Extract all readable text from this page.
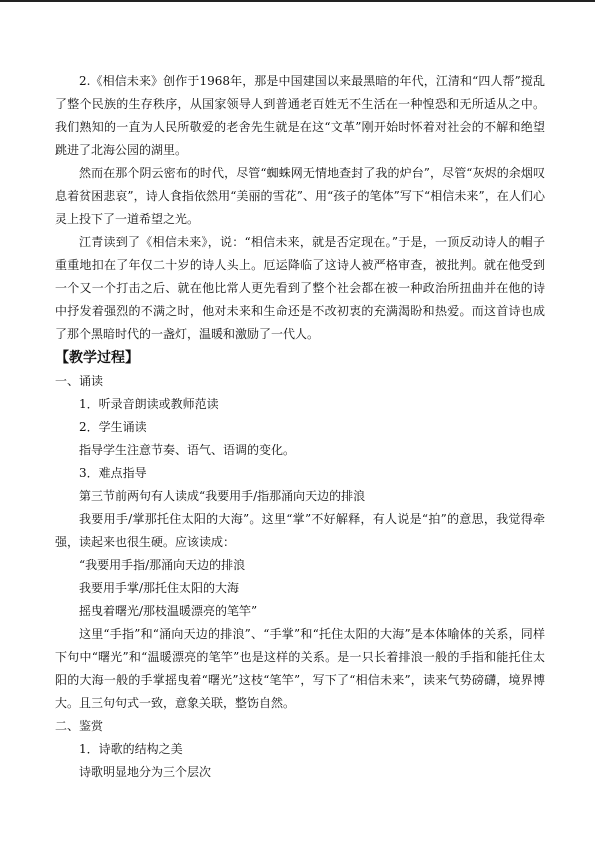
2.《相信未来》创作于1968年，那是中国建国以来最黑暗的年代，江清和“四人帮”搅乱了整个民族的生存秩序，从国家领导人到普通老百姓无不生活在一种惶恐和无所适从之中。我们熟知的一直为人民所敬爱的老舍先生就是在这“文革”刚开始时怀着对社会的不解和绝望跳进了北海公园的湖里。

然而在那个阴云密布的时代，尽管“蜘蛛网无情地查封了我的炉台”，尽管“灰烬的余烟叹息着贫困悲哀”，诗人食指依然用“美丽的雪花”、用“孩子的笔体”写下“相信未来”，在人们心灵上投下了一道希望之光。

江青读到了《相信未来》，说：“相信未来，就是否定现在。”于是，一顶反动诗人的帽子重重地扣在了年仅二十岁的诗人头上。厄运降临了这诗人被严格审查，被批判。就在他受到一个又一个打击之后、就在他比常人更先看到了整个社会都在被一种政治所扭曲并在他的诗中抒发着强烈的不满之时，他对未来和生命还是不改初衷的充满渴盼和热爱。而这首诗也成了那个黑暗时代的一盏灯，温暖和激励了一代人。

【教学过程】

一、诵读

1．听录音朗读或教师范读

2．学生诵读

指导学生注意节奏、语气、语调的变化。

3．难点指导

第三节前两句有人读成“我要用手/指那涌向天边的排浪

我要用手/掌那托住太阳的大海”。这里“掌”不好解释，有人说是“拍”的意思，我觉得牵强，读起来也很生硬。应该读成：

“我要用手指/那涌向天边的排浪

我要用手掌/那托住太阳的大海

摇曳着曙光/那枝温暖漂亮的笔竿”

这里“手指”和“涌向天边的排浪”、“手掌”和“托住太阳的大海”是本体喻体的关系，同样下句中“曙光”和“温暖漂亮的笔竿”也是这样的关系。是一只长着排浪一般的手指和能托住太阳的大海一般的手掌摇曳着“曙光”这枝“笔竿”，写下了“相信未来”，读来气势磅礴，境界博大。且三句句式一致，意象关联，整饬自然。

二、鉴赏

1．诗歌的结构之美

诗歌明显地分为三个层次
